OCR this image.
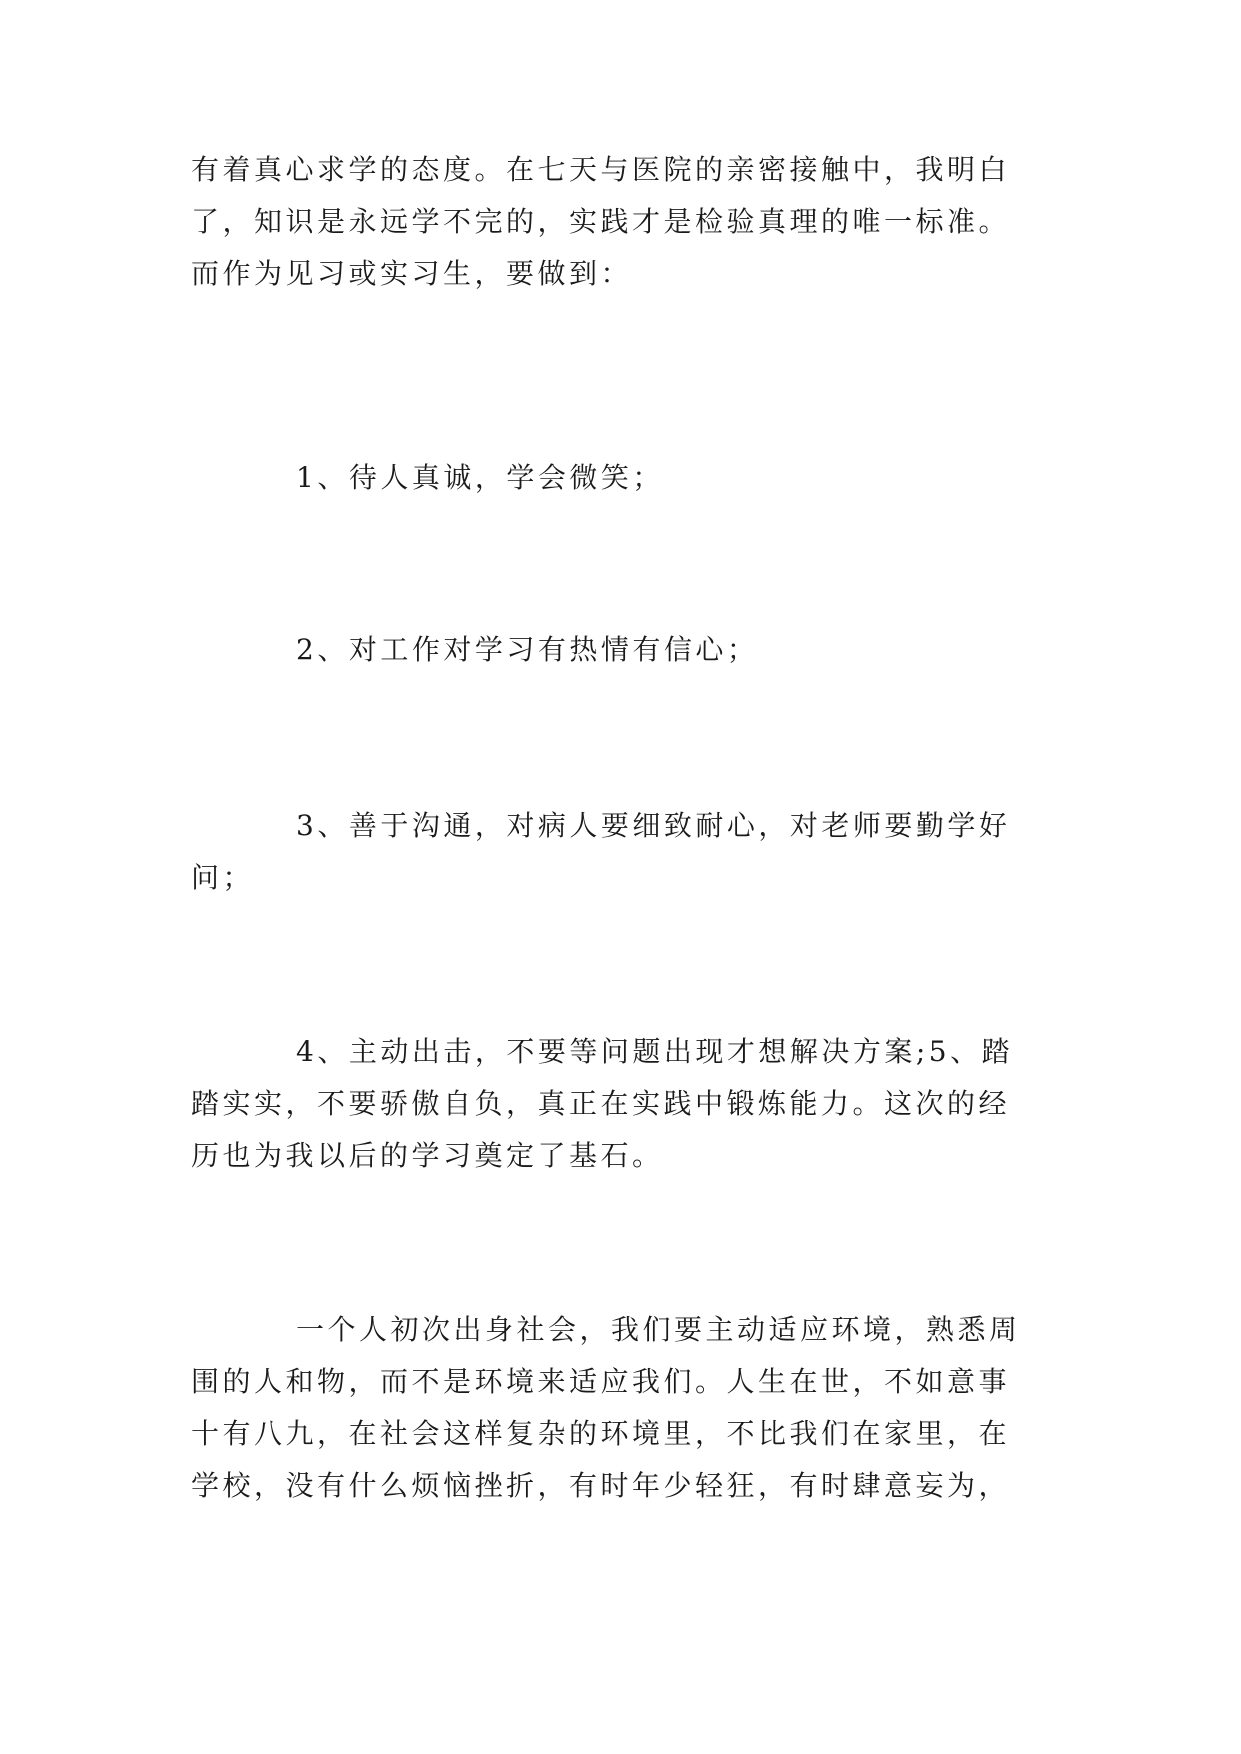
有着真心求学的态度。在七天与医院的亲密接触中，我明白
了，知识是永远学不完的，实践才是检验真理的唯一标准。
而作为见习或实习生，要做到：
1、待人真诚，学会微笑；
2、对工作对学习有热情有信心；
3、善于沟通，对病人要细致耐心，对老师要勤学好
问；
4、主动出击，不要等问题出现才想解决方案;5、踏
踏实实，不要骄傲自负，真正在实践中锻炼能力。这次的经
历也为我以后的学习奠定了基石。
一个人初次出身社会，我们要主动适应环境，熟悉周
围的人和物，而不是环境来适应我们。人生在世，不如意事
十有八九，在社会这样复杂的环境里，不比我们在家里，在
学校，没有什么烦恼挫折，有时年少轻狂，有时肆意妄为，
